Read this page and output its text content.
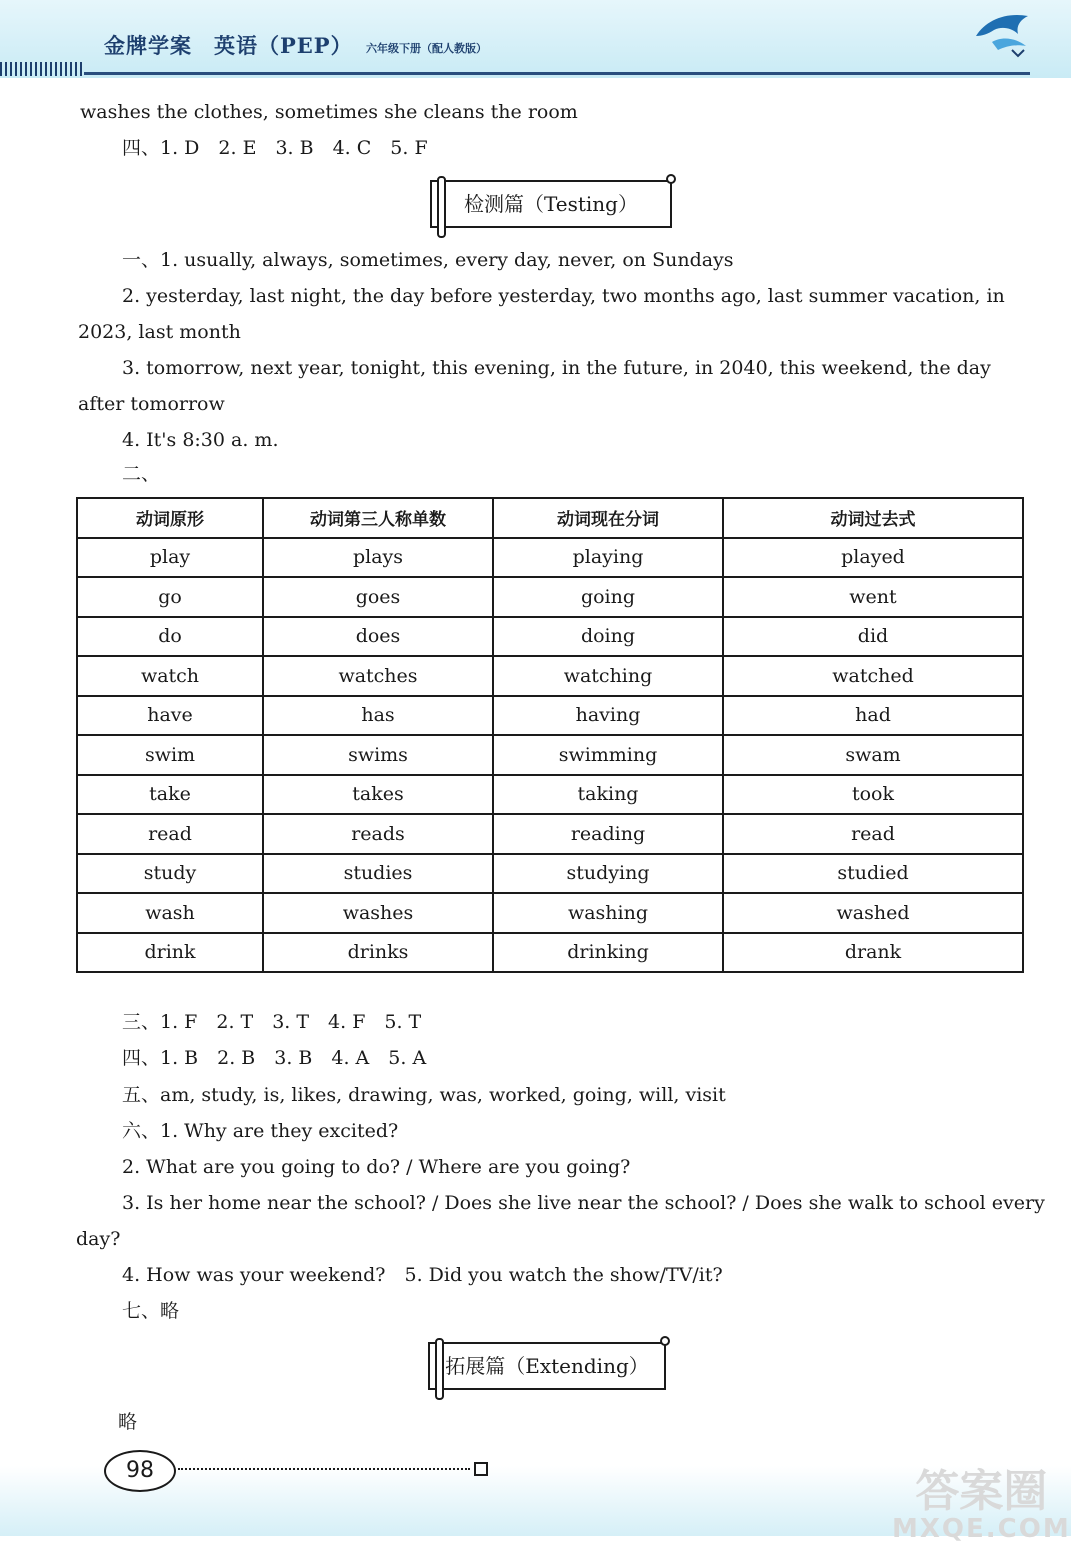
金牌学案　英语（PEP） 六年级下册（配人教版）
washes the clothes, sometimes she cleans the room
四、1. D　2. E　3. B　4. C　5. F
检测篇（Testing）
一、1. usually, always, sometimes, every day, never, on Sundays
2. yesterday, last night, the day before yesterday, two months ago, last summer vacation, in
2023, last month
3. tomorrow, next year, tonight, this evening, in the future, in 2040, this weekend, the day
after tomorrow
4. It's 8:30 a. m.
二、
动词原形	动词第三人称单数	动词现在分词	动词过去式
play	plays	playing	played
go	goes	going	went
do	does	doing	did
watch	watches	watching	watched
have	has	having	had
swim	swims	swimming	swam
take	takes	taking	took
read	reads	reading	read
study	studies	studying	studied
wash	washes	washing	washed
drink	drinks	drinking	drank
三、1. F　2. T　3. T　4. F　5. T
四、1. B　2. B　3. B　4. A　5. A
五、am, study, is, likes, drawing, was, worked, going, will, visit
六、1. Why are they excited?
2. What are you going to do? / Where are you going?
3. Is her home near the school? / Does she live near the school? / Does she walk to school every
day?
4. How was your weekend?　5. Did you watch the show/TV/it?
七、略
拓展篇（Extending）
略
98	答案圈
MXQE.COM
